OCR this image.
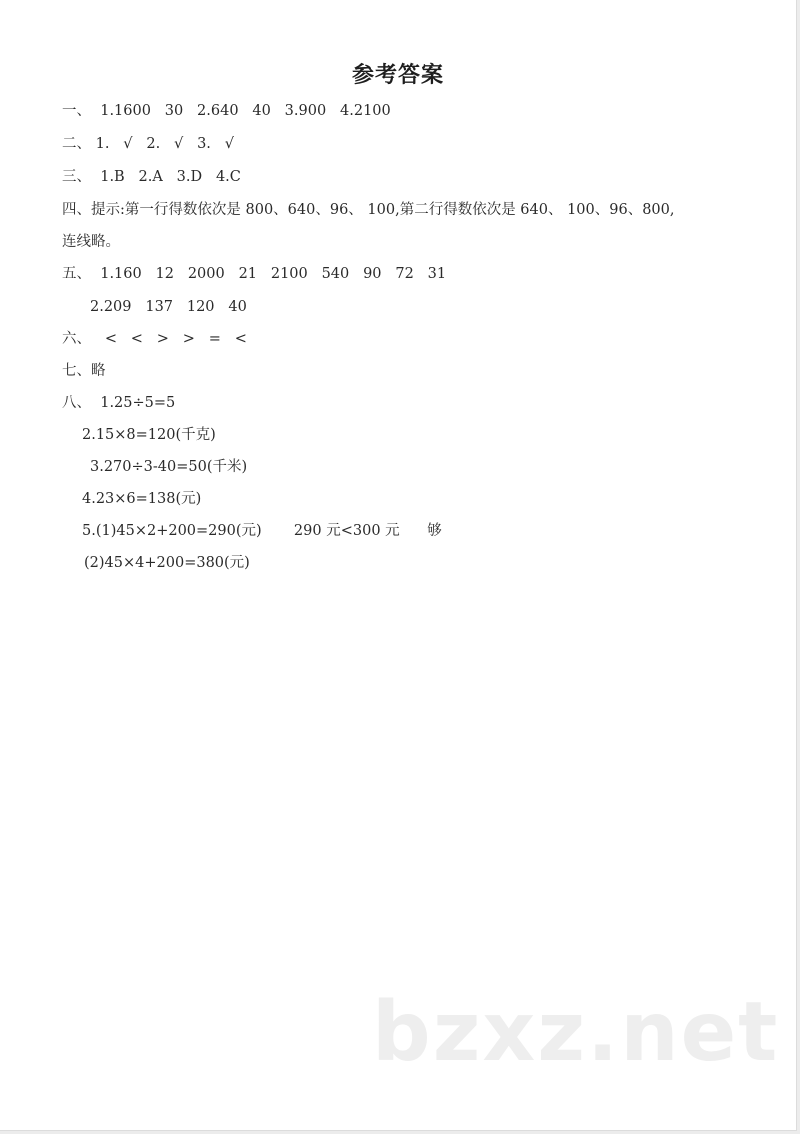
参考答案
一、  1.1600   30   2.640   40   3.900   4.2100
二、 1.   √   2.   √   3.   √
三、  1.B   2.A   3.D   4.C
四、提示:第一行得数依次是 800、640、96、 100,第二行得数依次是 640、 100、96、800,
连线略。
五、  1.160   12   2000   21   2100   540   90   72   31
2.209   137   120   40
六、   <   <   >   >   =   <
七、略
八、  1.25÷5=5
2.15×8=120(千克)
3.270÷3-40=50(千米)
4.23×6=138(元)
5.(1)45×2+200=290(元)       290 元<300 元      够
(2)45×4+200=380(元)
bzxz.net
